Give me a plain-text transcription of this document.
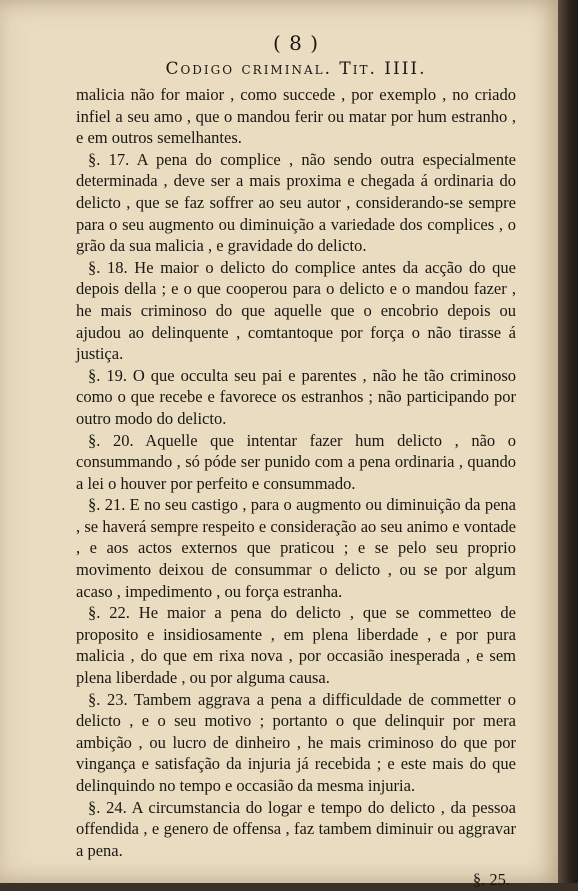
( 8 )
Codigo criminal. Tit. IIII.

malicia não for maior , como succede , por exemplo , no criado infiel a seu amo , que o mandou ferir ou matar por hum estranho , e em outros semelhantes.

§. 17. A pena do complice , não sendo outra especialmente determinada , deve ser a mais proxima e chegada á ordinaria do delicto , que se faz soffrer ao seu autor , considerando-se sempre para o seu augmento ou diminuição a variedade dos complices , o grão da sua malicia , e gravidade do delicto.

§. 18. He maior o delicto do complice antes da acção do que depois della ; e o que cooperou para o delicto e o mandou fazer , he mais criminoso do que aquelle que o encobrio depois ou ajudou ao delinquente , comtantoque por força o não tirasse á justiça.

§. 19. O que occulta seu pai e parentes , não he tão criminoso como o que recebe e favorece os estranhos ; não participando por outro modo do delicto.

§. 20. Aquelle que intentar fazer hum delicto , não o consummando , só póde ser punido com a pena ordinaria , quando a lei o houver por perfeito e consummado.

§. 21. E no seu castigo , para o augmento ou diminuição da pena , se haverá sempre respeito e consideração ao seu animo e vontade , e aos actos externos que praticou ; e se pelo seu proprio movimento deixou de consummar o delicto , ou se por algum acaso , impedimento , ou força estranha.

§. 22. He maior a pena do delicto , que se commetteo de proposito e insidiosamente , em plena liberdade , e por pura malicia , do que em rixa nova , por occasião inesperada , e sem plena liberdade , ou por alguma causa.

§. 23. Tambem aggrava a pena a difficuldade de commetter o delicto , e o seu motivo ; portanto o que delinquir por mera ambição , ou lucro de dinheiro , he mais criminoso do que por vingança e satisfação da injuria já recebida ; e este mais do que delinquindo no tempo e occasião da mesma injuria.

§. 24. A circumstancia do logar e tempo do delicto , da pessoa offendida , e genero de offensa , faz tambem diminuir ou aggravar a pena.

§. 25.
